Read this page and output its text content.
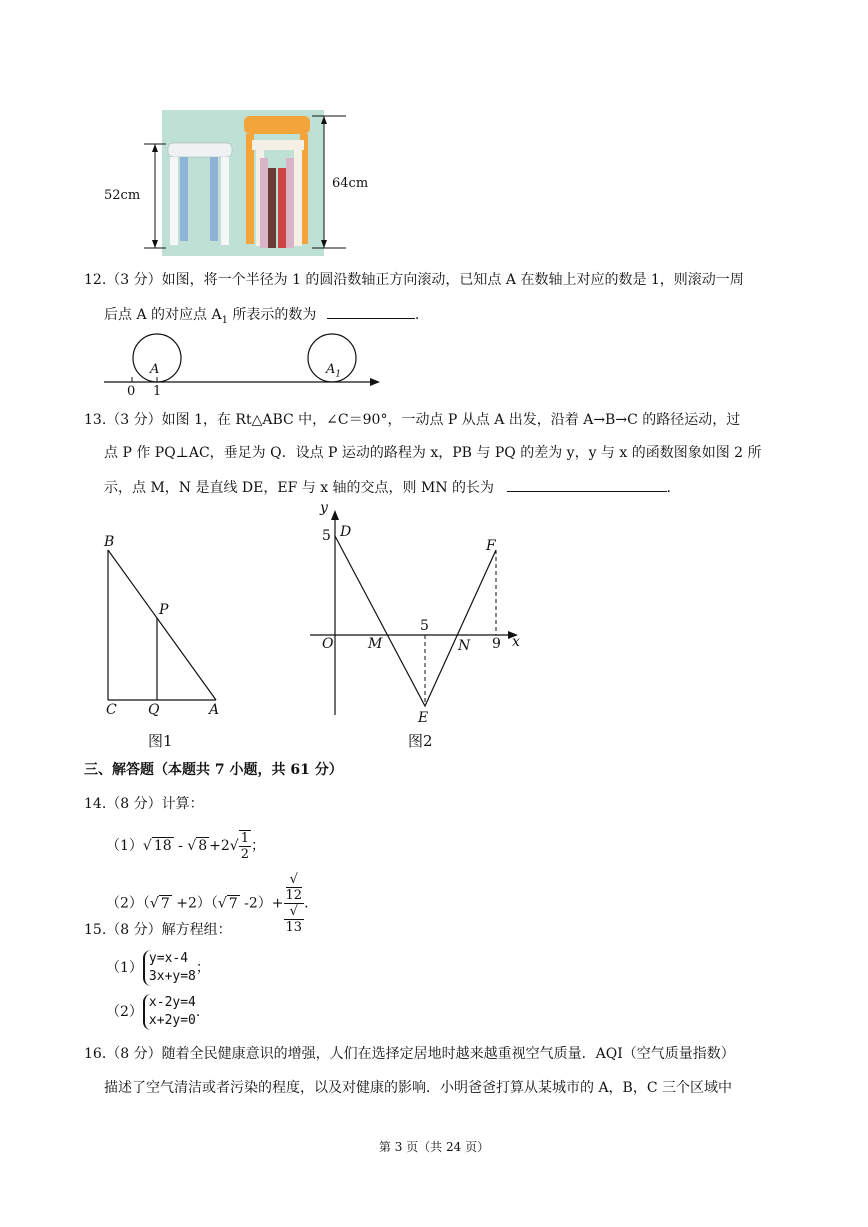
52cm
64cm
12.（3 分）如图，将一个半径为 1 的圆沿数轴正方向滚动，已知点 A 在数轴上对应的数是 1，则滚动一周
后点 A 的对应点 $A_1$ 所表示的数为	.
A	$A_1$
0 1
13.（3 分）如图 1，在 Rt△ABC 中，∠C＝90°，一动点 P 从点 A 出发，沿着 A→B→C 的路径运动，过
点 P 作 PQ⊥AC，垂足为 Q．设点 P 运动的路程为 x，PB 与 PQ 的差为 y，y 与 x 的函数图象如图 2 所
示，点 M，N 是直线 DE，EF 与 x 轴的交点，则 MN 的长为	.
B
P
C Q	A
图1
y
5 D
F
5
O M	N 9 x
E
图2
三、解答题（本题共 7 小题，共 61 分）
14.（8 分）计算：
（1）√ 18 - √ $8 +2√ \frac{1}{2}$ ；
（2）（√ 7 +2）（√ 7 -2）+ √
12
√
13 .
15.（8 分）解方程组：
（1）
y=x-4
3x+y=8
；
（2）
x-2y=4
x+2y=0
.
16.（8 分）随着全民健康意识的增强，人们在选择定居地时越来越重视空气质量．AQI（空气质量指数）
描述了空气清洁或者污染的程度，以及对健康的影响．小明爸爸打算从某城市的 A，B，C 三个区域中
第 3 页（共 24 页）
